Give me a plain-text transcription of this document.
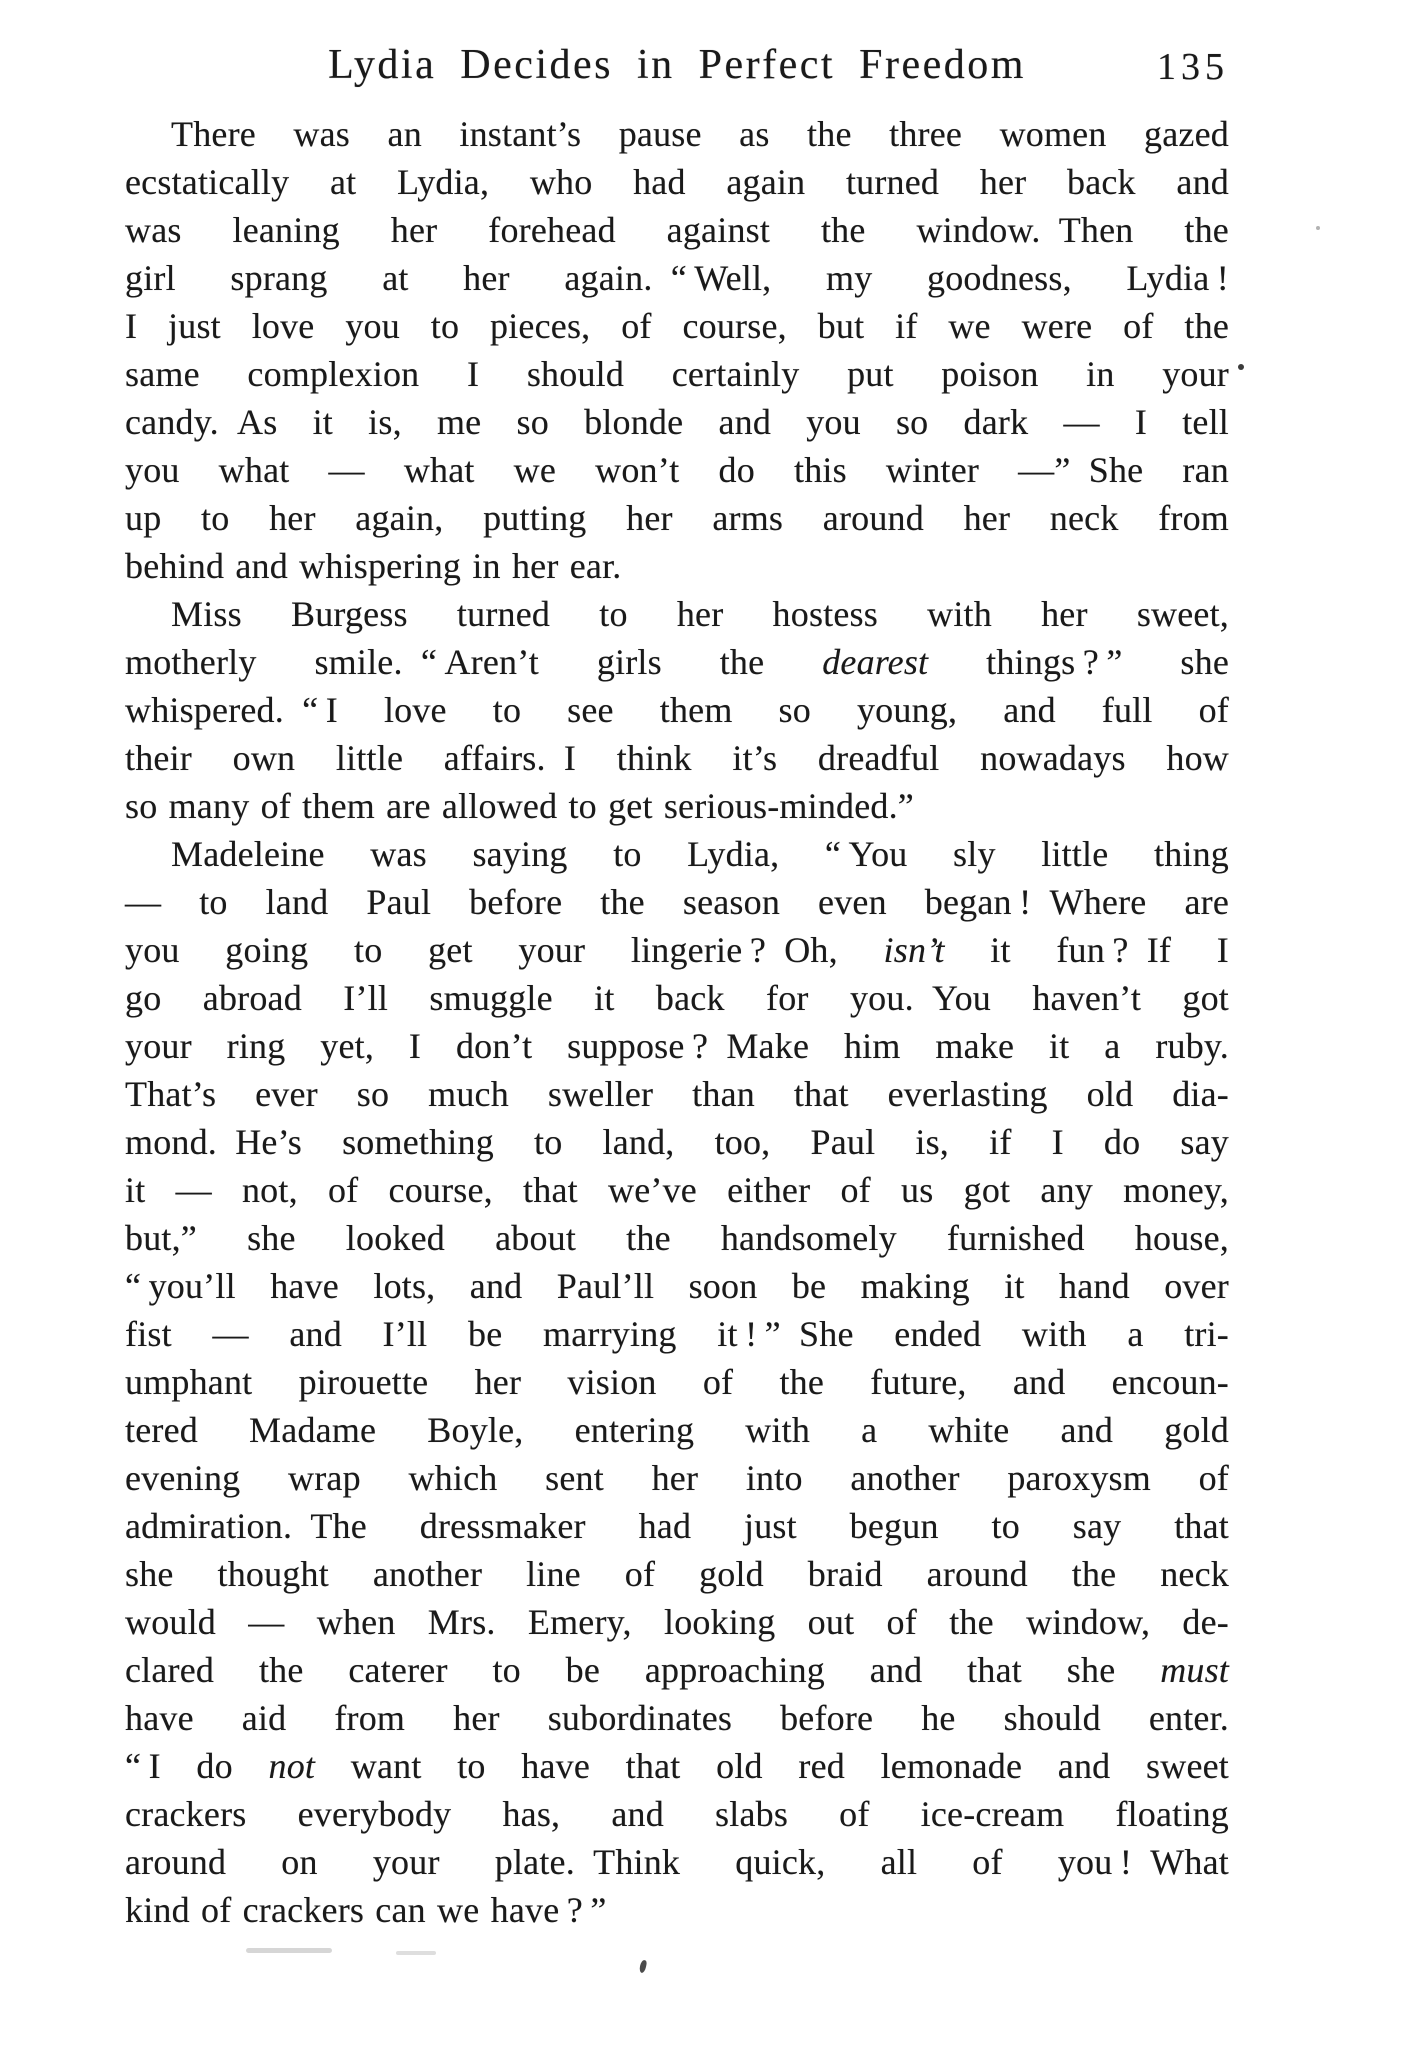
Lydia Decides in Perfect Freedom	135
There was an instant’s pause as the three women gazed
ecstatically at Lydia, who had again turned her back and
was leaning her forehead against the window. Then the
girl sprang at her again. “ Well, my goodness, Lydia !
I just love you to pieces, of course, but if we were of the
same complexion I should certainly put poison in your
candy. As it is, me so blonde and you so dark — I tell
you what — what we won’t do this winter —” She ran
up to her again, putting her arms around her neck from
behind and whispering in her ear.
Miss Burgess turned to her hostess with her sweet,
motherly smile. “ Aren’t girls the dearest things ? ” she
whispered. “ I love to see them so young, and full of
their own little affairs. I think it’s dreadful nowadays how
so many of them are allowed to get serious-minded.”
Madeleine was saying to Lydia, “ You sly little thing
— to land Paul before the season even began ! Where are
you going to get your lingerie ? Oh, isn’t it fun ? If I
go abroad I’ll smuggle it back for you. You haven’t got
your ring yet, I don’t suppose ? Make him make it a ruby.
That’s ever so much sweller than that everlasting old dia-
mond. He’s something to land, too, Paul is, if I do say
it — not, of course, that we’ve either of us got any money,
but,” she looked about the handsomely furnished house,
“ you’ll have lots, and Paul’ll soon be making it hand over
fist — and I’ll be marrying it ! ” She ended with a tri-
umphant pirouette her vision of the future, and encoun-
tered Madame Boyle, entering with a white and gold
evening wrap which sent her into another paroxysm of
admiration. The dressmaker had just begun to say that
she thought another line of gold braid around the neck
would — when Mrs. Emery, looking out of the window, de-
clared the caterer to be approaching and that she must
have aid from her subordinates before he should enter.
“ I do not want to have that old red lemonade and sweet
crackers everybody has, and slabs of ice-cream floating
around on your plate. Think quick, all of you ! What
kind of crackers can we have ? ”
